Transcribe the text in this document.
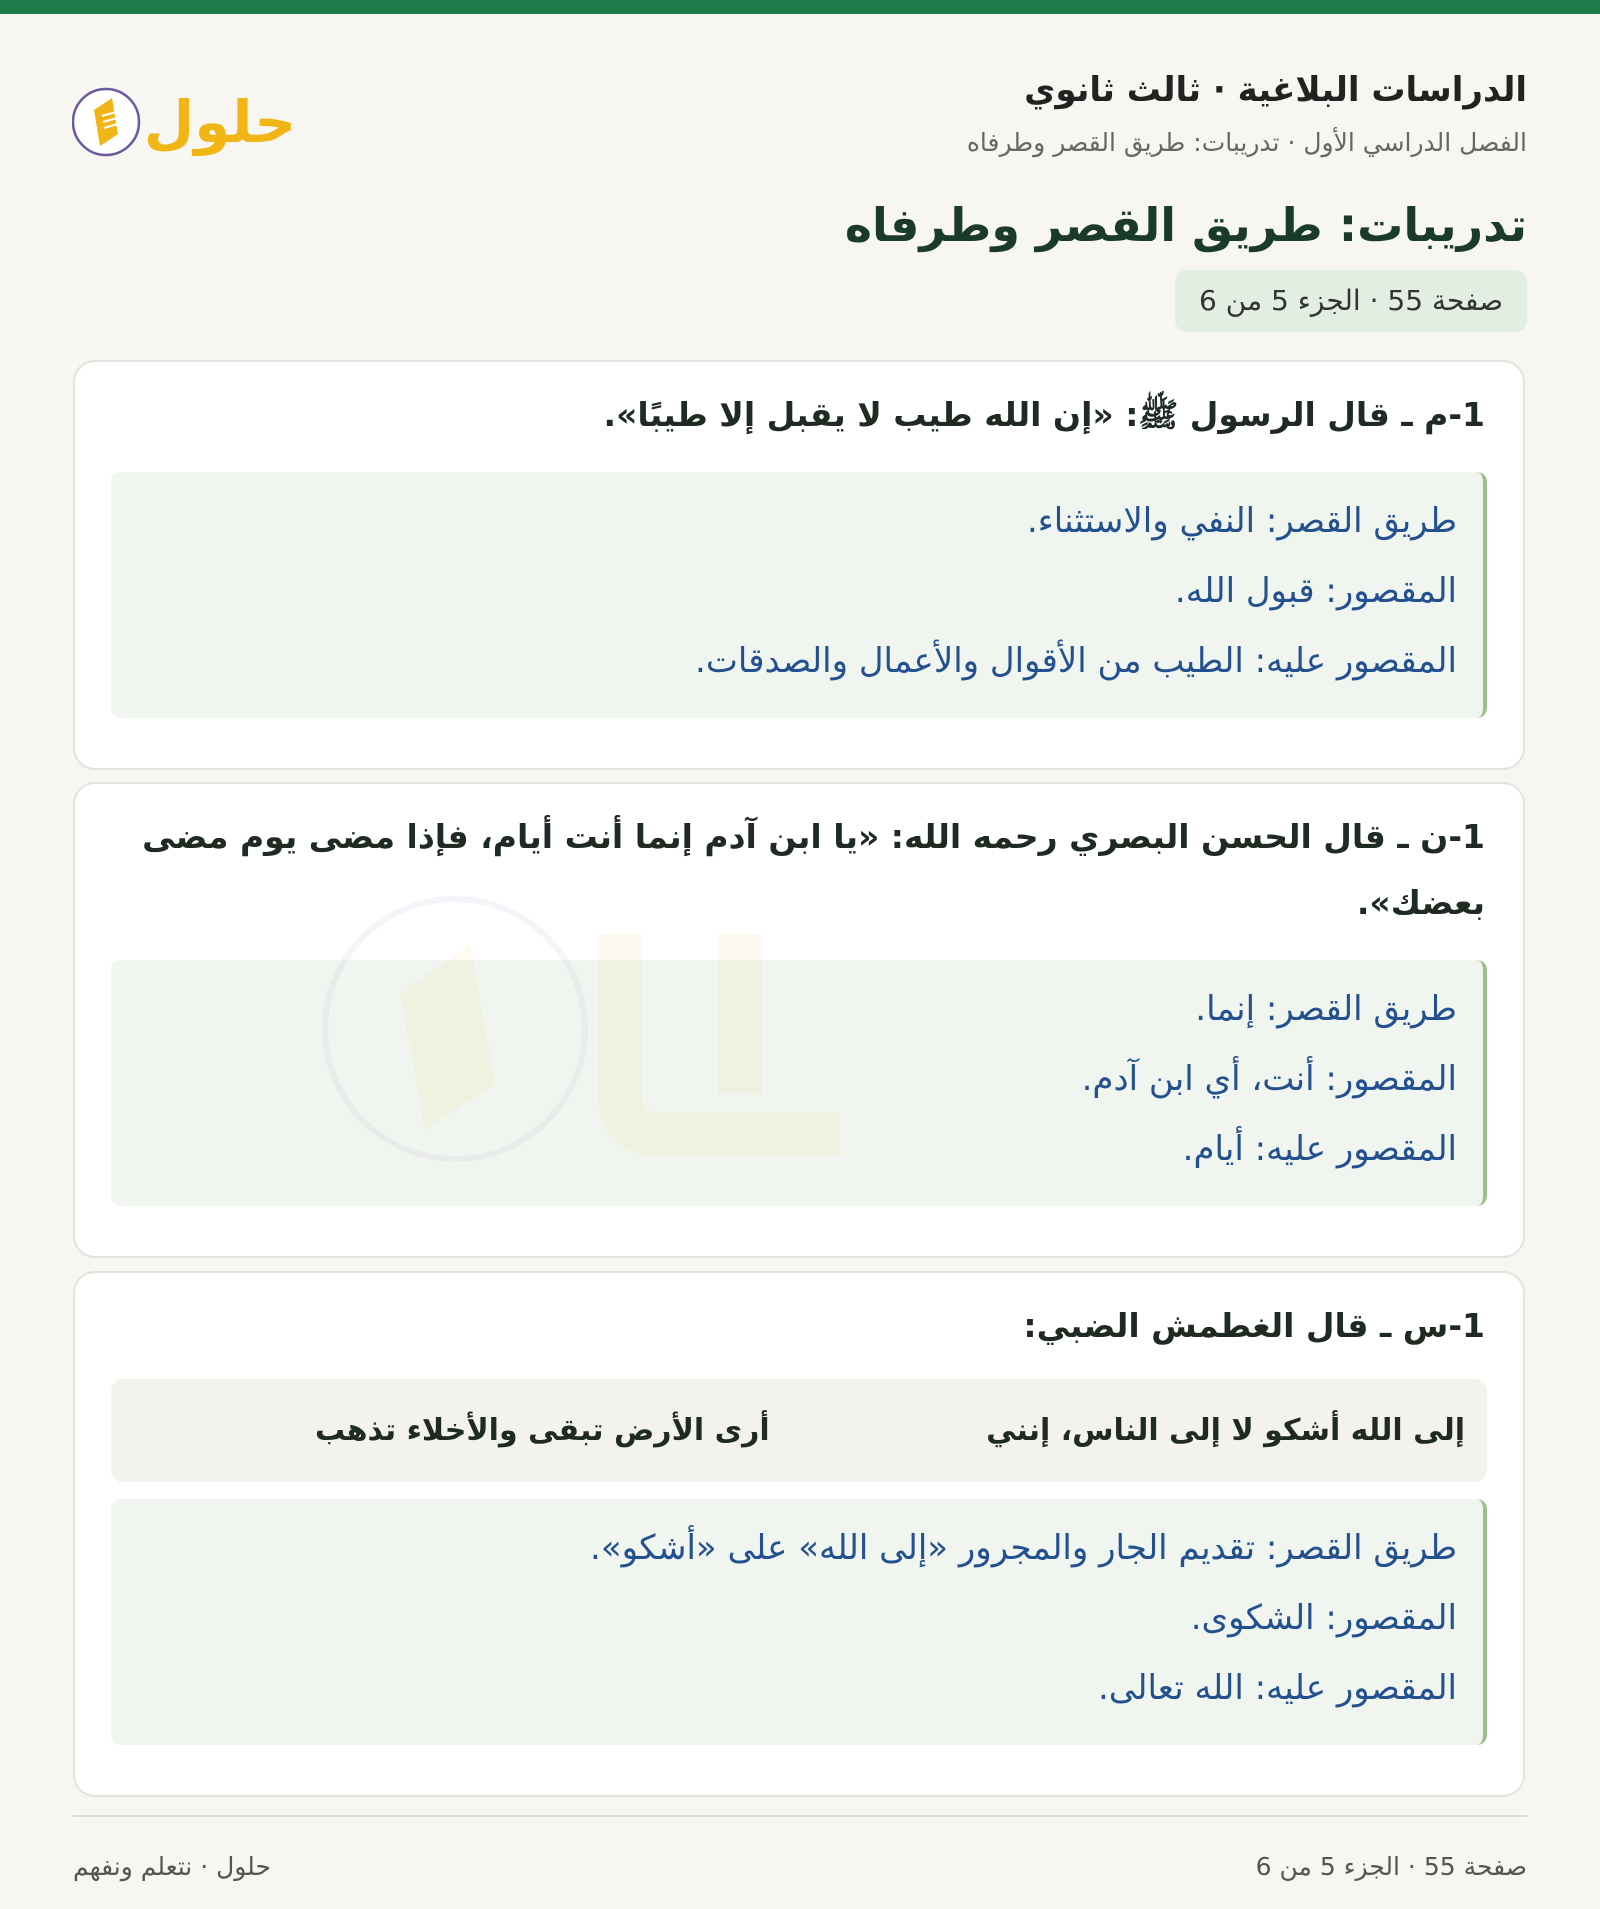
الدراسات البلاغية · ثالث ثانوي
الفصل الدراسي الأول · تدريبات: طريق القصر وطرفاه
حلول
تدريبات: طريق القصر وطرفاه
صفحة 55 · الجزء 5 من 6
1-م ـ قال الرسول ﷺ: «إن الله طيب لا يقبل إلا طيبًا».
طريق القصر: النفي والاستثناء.
المقصور: قبول الله.
المقصور عليه: الطيب من الأقوال والأعمال والصدقات.
1-ن ـ قال الحسن البصري رحمه الله: «يا ابن آدم إنما أنت أيام، فإذا مضى يوم مضى بعضك».
طريق القصر: إنما.
المقصور: أنت، أي ابن آدم.
المقصور عليه: أيام.
1-س ـ قال الغطمش الضبي:
إلى الله أشكو لا إلى الناس، إنني
أرى الأرض تبقى والأخلاء تذهب
طريق القصر: تقديم الجار والمجرور «إلى الله» على «أشكو».
المقصور: الشكوى.
المقصور عليه: الله تعالى.
صفحة 55 · الجزء 5 من 6
حلول · نتعلم ونفهم
